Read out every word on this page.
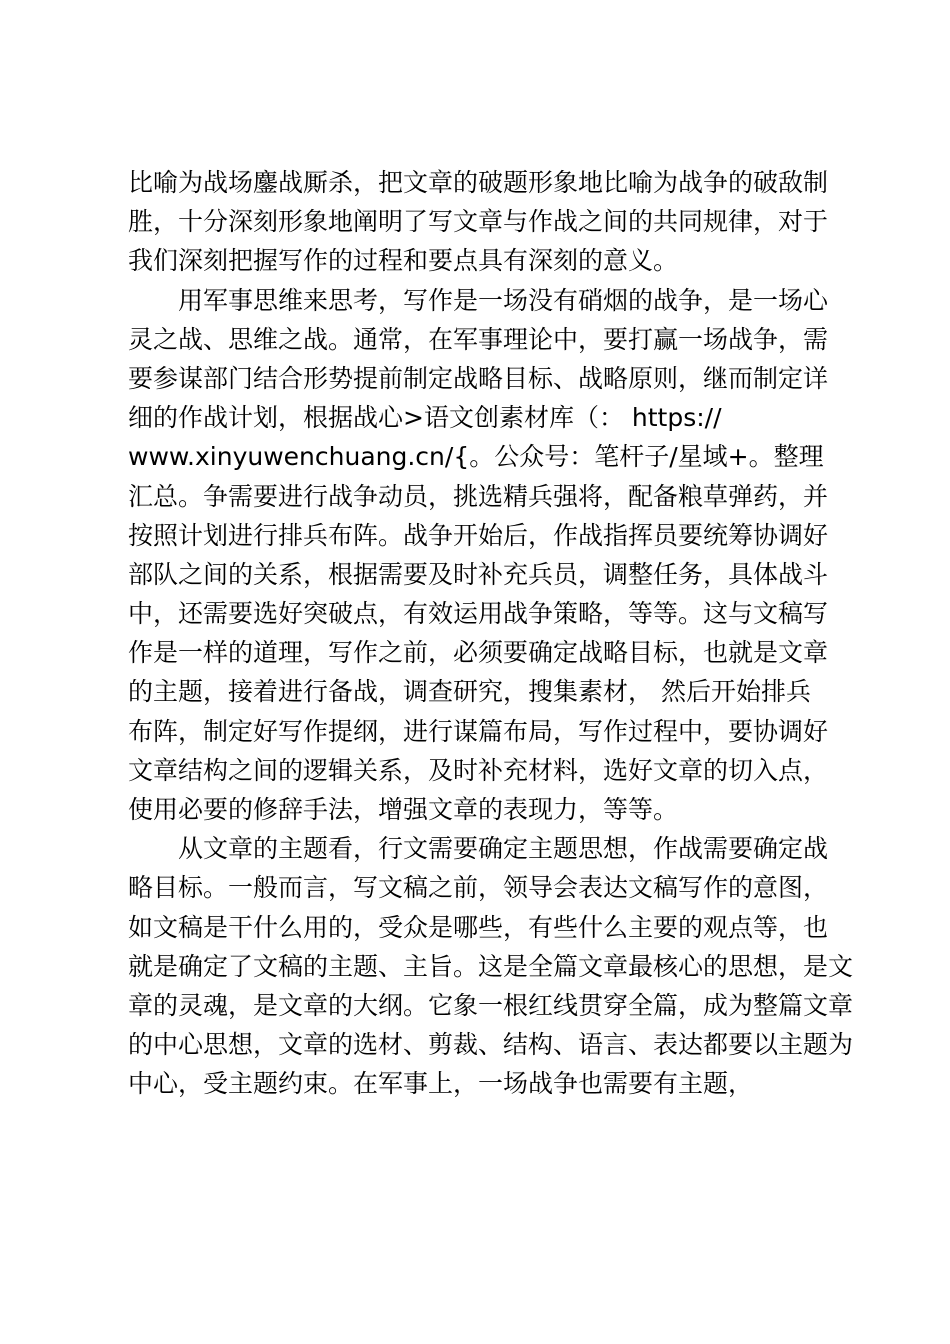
比喻为战场鏖战厮杀，把文章的破题形象地比喻为战争的破敌制
胜，十分深刻形象地阐明了写文章与作战之间的共同规律，对于
我们深刻把握写作的过程和要点具有深刻的意义。
用军事思维来思考，写作是一场没有硝烟的战争，是一场心
灵之战、思维之战。通常，在军事理论中，要打赢一场战争，需
要参谋部门结合形势提前制定战略目标、战略原则，继而制定详
细的作战计划，根据战心>语文创素材库（： https://
www.xinyuwenchuang.cn/{。公众号：笔杆子/星域+。整理
汇总。争需要进行战争动员，挑选精兵强将，配备粮草弹药，并
按照计划进行排兵布阵。战争开始后，作战指挥员要统筹协调好
部队之间的关系，根据需要及时补充兵员，调整任务，具体战斗
中，还需要选好突破点，有效运用战争策略，等等。这与文稿写
作是一样的道理，写作之前，必须要确定战略目标，也就是文章
的主题，接着进行备战，调查研究，搜集素材， 然后开始排兵
布阵，制定好写作提纲，进行谋篇布局，写作过程中，要协调好
文章结构之间的逻辑关系，及时补充材料，选好文章的切入点，
使用必要的修辞手法，增强文章的表现力，等等。
从文章的主题看，行文需要确定主题思想，作战需要确定战
略目标。一般而言，写文稿之前，领导会表达文稿写作的意图，
如文稿是干什么用的，受众是哪些，有些什么主要的观点等，也
就是确定了文稿的主题、主旨。这是全篇文章最核心的思想，是文
章的灵魂，是文章的大纲。它象一根红线贯穿全篇，成为整篇文章
的中心思想，文章的选材、剪裁、结构、语言、表达都要以主题为
中心，受主题约束。在军事上，一场战争也需要有主题，
